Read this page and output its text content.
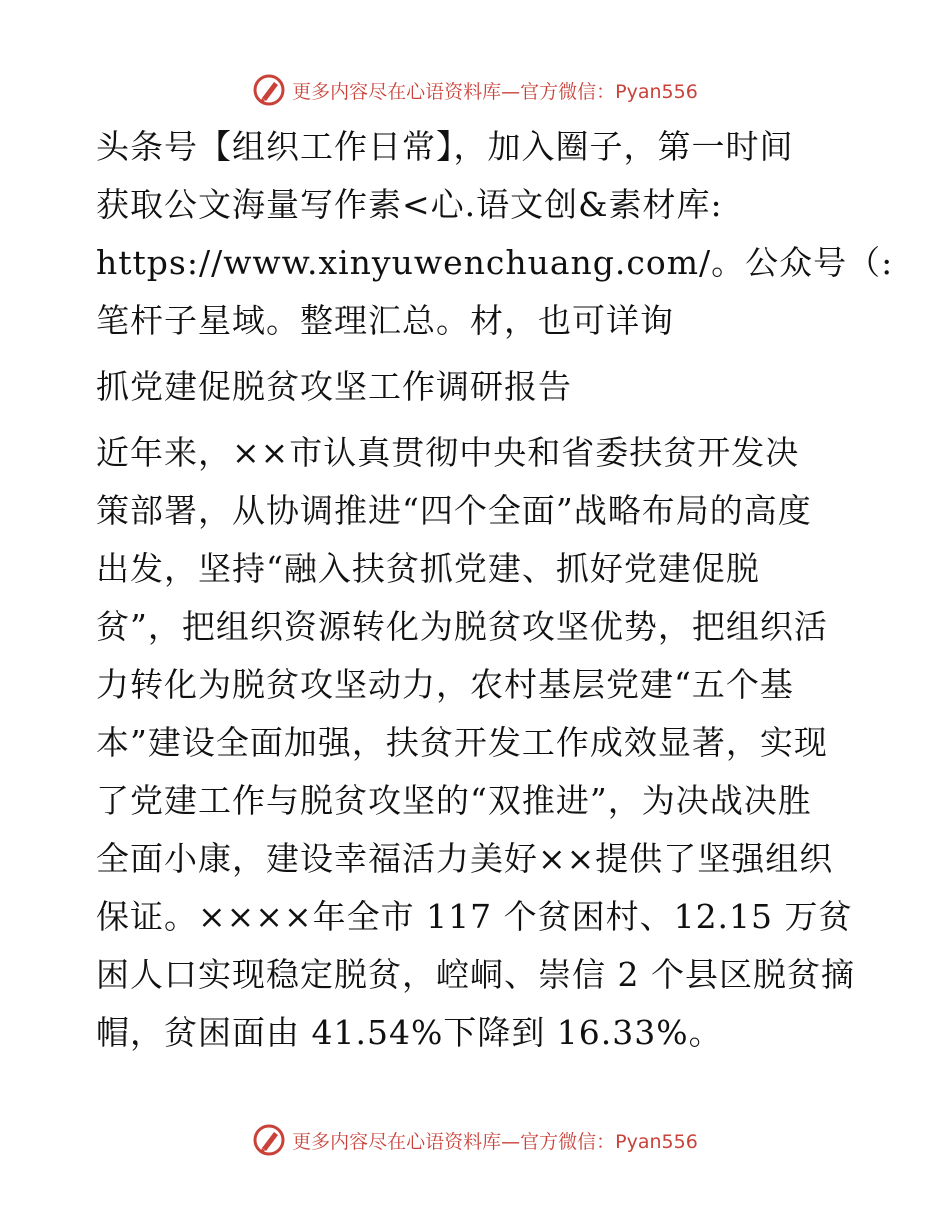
更多内容尽在心语资料库—官方微信：Pyan556

头条号【组织工作日常】，加入圈子，第一时间
获取公文海量写作素<心.语文创&素材库:
https://www.xinyuwenchuang.com/。公众号（:
笔杆子星域。整理汇总。材，也可详询

抓党建促脱贫攻坚工作调研报告

近年来，××市认真贯彻中央和省委扶贫开发决
策部署，从协调推进“四个全面”战略布局的高度
出发，坚持“融入扶贫抓党建、抓好党建促脱
贫”，把组织资源转化为脱贫攻坚优势，把组织活
力转化为脱贫攻坚动力，农村基层党建“五个基
本”建设全面加强，扶贫开发工作成效显著，实现
了党建工作与脱贫攻坚的“双推进”，为决战决胜
全面小康，建设幸福活力美好××提供了坚强组织
保证。××××年全市 117 个贫困村、12.15 万贫
困人口实现稳定脱贫，崆峒、崇信 2 个县区脱贫摘
帽，贫困面由 41.54%下降到 16.33%。

更多内容尽在心语资料库—官方微信：Pyan556
